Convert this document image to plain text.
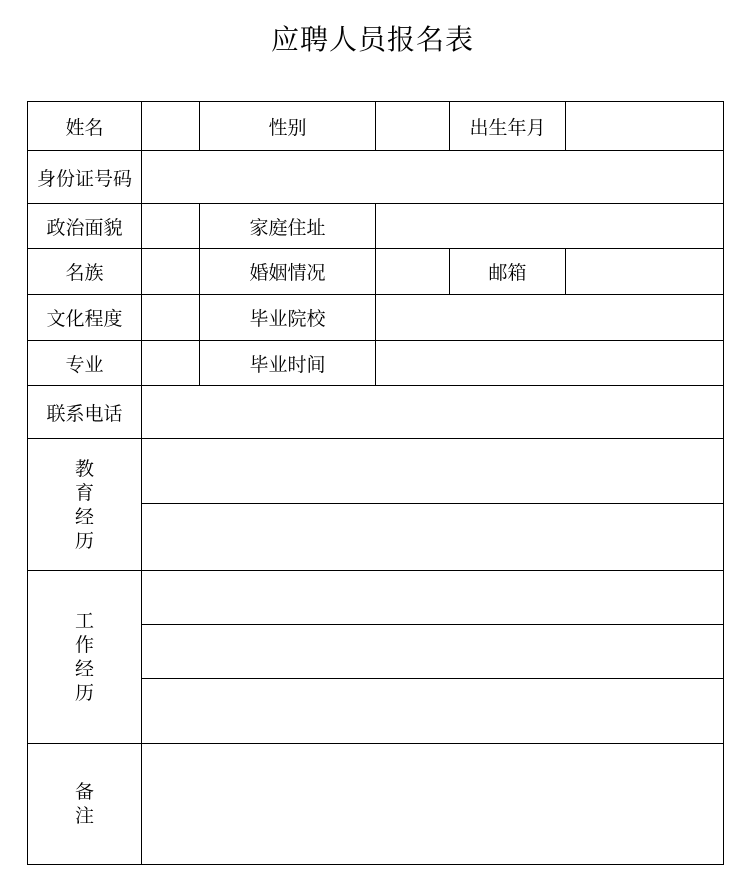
应聘人员报名表
姓名		性别		出生年月	
身份证号码					
政治面貌		家庭住址			
名族		婚姻情况		邮箱	
文化程度		毕业院校			
专业		毕业时间			
联系电话					
教育经历					

工作经历					

备注					
